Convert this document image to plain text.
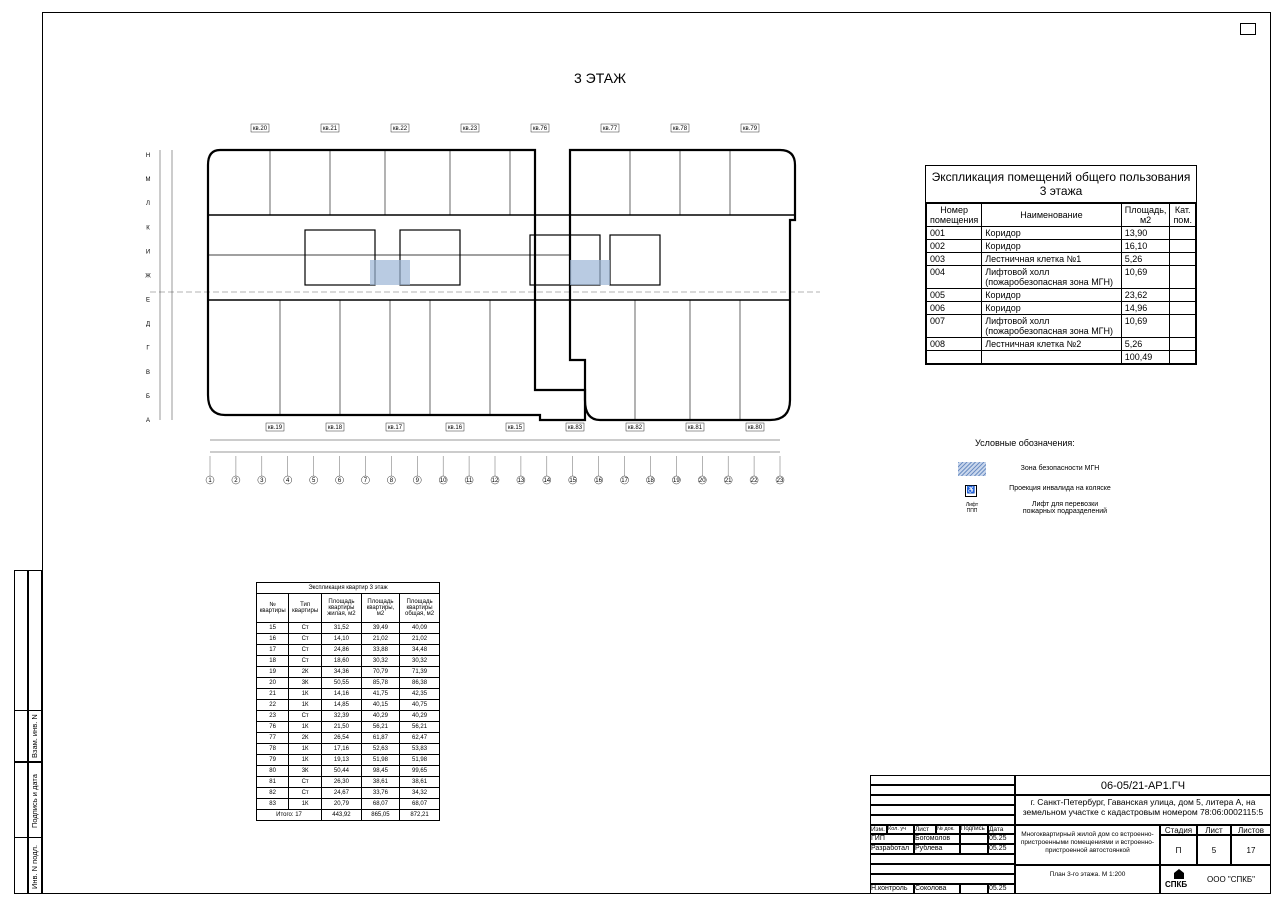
3 ЭТАЖ
1	2	3	4	5	6	7	8	9	10	11	12	13	14	15	16	17	18	19	20	21	22	23
Н
М
Л
К
И
Ж
Е
Д
Г
В
Б
А
кв.20	кв.21	кв.22	кв.23	кв.76	кв.77	кв.78	кв.79
кв.19	кв.18	кв.17	кв.16	кв.15	кв.83	кв.82	кв.81	кв.80
Экспликация помещений общего пользования 3 этажа
Номер помещения	Наименование	Площадь, м2	Кат. пом.
001	Коридор	13,90	
002	Коридор	16,10	
003	Лестничная клетка №1	5,26	
004	Лифтовой холл (пожаробезопасная зона МГН)	10,69	
005	Коридор	23,62	
006	Коридор	14,96	
007	Лифтовой холл (пожаробезопасная зона МГН)	10,69	
008	Лестничная клетка №2	5,26	
		100,49	
Условные обозначения:
Зона безопасности МГН
♿	Проекция инвалида на коляске
Лифт ППП
Лифт для перевозки пожарных подразделений
Экспликация квартир 3 этаж
№ квартиры	Тип квартиры	Площадь квартиры жилая, м2	Площадь квартиры, м2	Площадь квартиры общая, м2
15	Ст	31,52	39,49	40,09
16	Ст	14,10	21,02	21,02
17	Ст	24,86	33,88	34,48
18	Ст	18,60	30,32	30,32
19	2К	34,36	70,79	71,39
20	3К	50,55	85,78	86,38
21	1К	14,16	41,75	42,35
22	1К	14,85	40,15	40,75
23	Ст	32,39	40,29	40,29
76	1К	21,50	56,21	56,21
77	2К	26,54	61,87	62,47
78	1К	17,16	52,63	53,83
79	1К	19,13	51,98	51,98
80	3К	50,44	98,45	99,65
81	Ст	26,30	38,61	38,61
82	Ст	24,67	33,76	34,32
83	1К	20,79	68,07	68,07
Итого: 17		443,92	865,05	872,21
Взам. инв. N
Подпись и дата
Инв. N подл.
Изм. Кол. уч	Лист	№ док.	Подпись Дата
ГИП	Богомолов	05.25
Разработал Рублева	05.25
Н.контроль	Соколова	05.25
06-05/21-АР1.ГЧ
г. Санкт-Петербург, Гаванская улица, дом 5, литера А, на земельном участке с кадастровым номером 78:06:0002115:5
Многоквартирный жилой дом со встроенно-пристроенными помещениями и встроенно-пристроенной автостоянкой
Стадия	Лист	Листов
П	5	17
План 3-го этажа. М 1:200
СПКБ
ООО "СПКБ"
